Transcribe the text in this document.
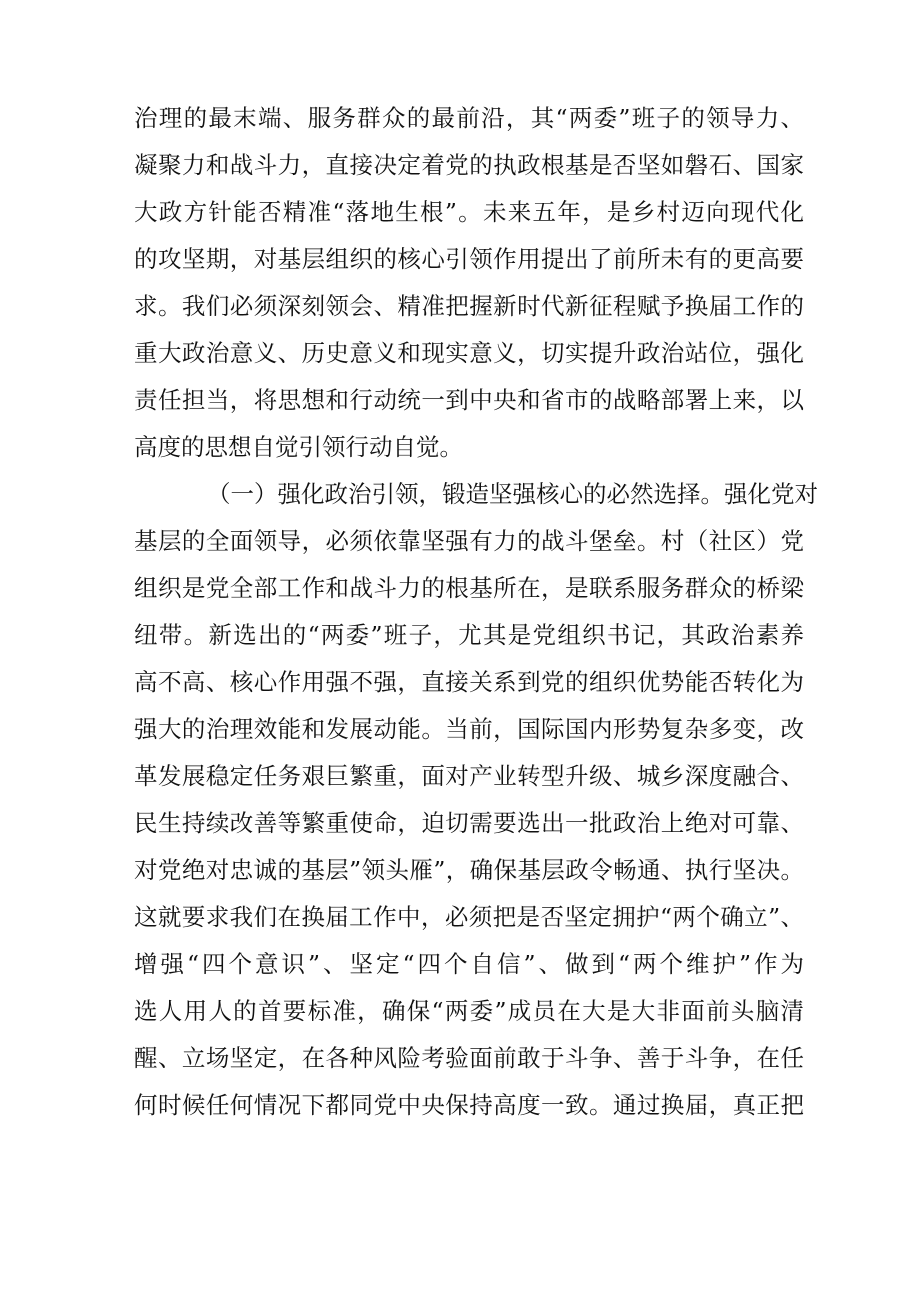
治理的最末端、服务群众的最前沿，其“两委”班子的领导力、
凝聚力和战斗力，直接决定着党的执政根基是否坚如磐石、国家
大政方针能否精准“落地生根”。未来五年，是乡村迈向现代化
的攻坚期，对基层组织的核心引领作用提出了前所未有的更高要
求。我们必须深刻领会、精准把握新时代新征程赋予换届工作的
重大政治意义、历史意义和现实意义，切实提升政治站位，强化
责任担当，将思想和行动统一到中央和省市的战略部署上来，以
高度的思想自觉引领行动自觉。
（一）强化政治引领，锻造坚强核心的必然选择。强化党对
基层的全面领导，必须依靠坚强有力的战斗堡垒。村（社区）党
组织是党全部工作和战斗力的根基所在，是联系服务群众的桥梁
纽带。新选出的“两委”班子，尤其是党组织书记，其政治素养
高不高、核心作用强不强，直接关系到党的组织优势能否转化为
强大的治理效能和发展动能。当前，国际国内形势复杂多变，改
革发展稳定任务艰巨繁重，面对产业转型升级、城乡深度融合、
民生持续改善等繁重使命，迫切需要选出一批政治上绝对可靠、
对党绝对忠诚的基层”领头雁”，确保基层政令畅通、执行坚决。
这就要求我们在换届工作中，必须把是否坚定拥护“两个确立”、
增强“四个意识”、坚定“四个自信”、做到“两个维护”作为
选人用人的首要标准，确保“两委”成员在大是大非面前头脑清
醒、立场坚定，在各种风险考验面前敢于斗争、善于斗争，在任
何时候任何情况下都同党中央保持高度一致。通过换届，真正把
